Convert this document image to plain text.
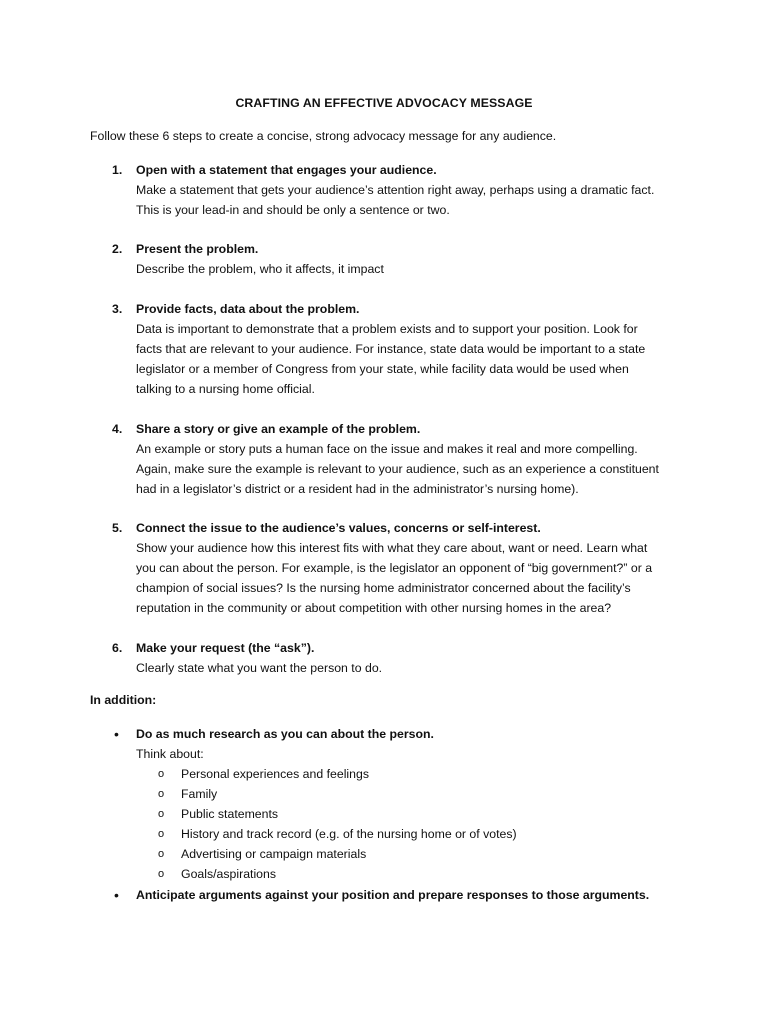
CRAFTING AN EFFECTIVE ADVOCACY MESSAGE
Follow these 6 steps to create a concise, strong advocacy message for any audience.
1.	Open with a statement that engages your audience.
Make a statement that gets your audience’s attention right away, perhaps using a dramatic fact.
This is your lead-in and should be only a sentence or two.
2.	Present the problem.
Describe the problem, who it affects, it impact
3.	Provide facts, data about the problem.
Data is important to demonstrate that a problem exists and to support your position. Look for
facts that are relevant to your audience. For instance, state data would be important to a state
legislator or a member of Congress from your state, while facility data would be used when
talking to a nursing home official.
4.	Share a story or give an example of the problem.
An example or story puts a human face on the issue and makes it real and more compelling.
Again, make sure the example is relevant to your audience, such as an experience a constituent
had in a legislator’s district or a resident had in the administrator’s nursing home).
5.	Connect the issue to the audience’s values, concerns or self-interest.
Show your audience how this interest fits with what they care about, want or need. Learn what
you can about the person. For example, is the legislator an opponent of “big government?” or a
champion of social issues? Is the nursing home administrator concerned about the facility’s
reputation in the community or about competition with other nursing homes in the area?
6.	Make your request (the “ask”).
Clearly state what you want the person to do.
In addition:
•	Do as much research as you can about the person.
Think about:
o	Personal experiences and feelings
o	Family
o	Public statements
o	History and track record (e.g. of the nursing home or of votes)
o	Advertising or campaign materials
o	Goals/aspirations
•	Anticipate arguments against your position and prepare responses to those arguments.
